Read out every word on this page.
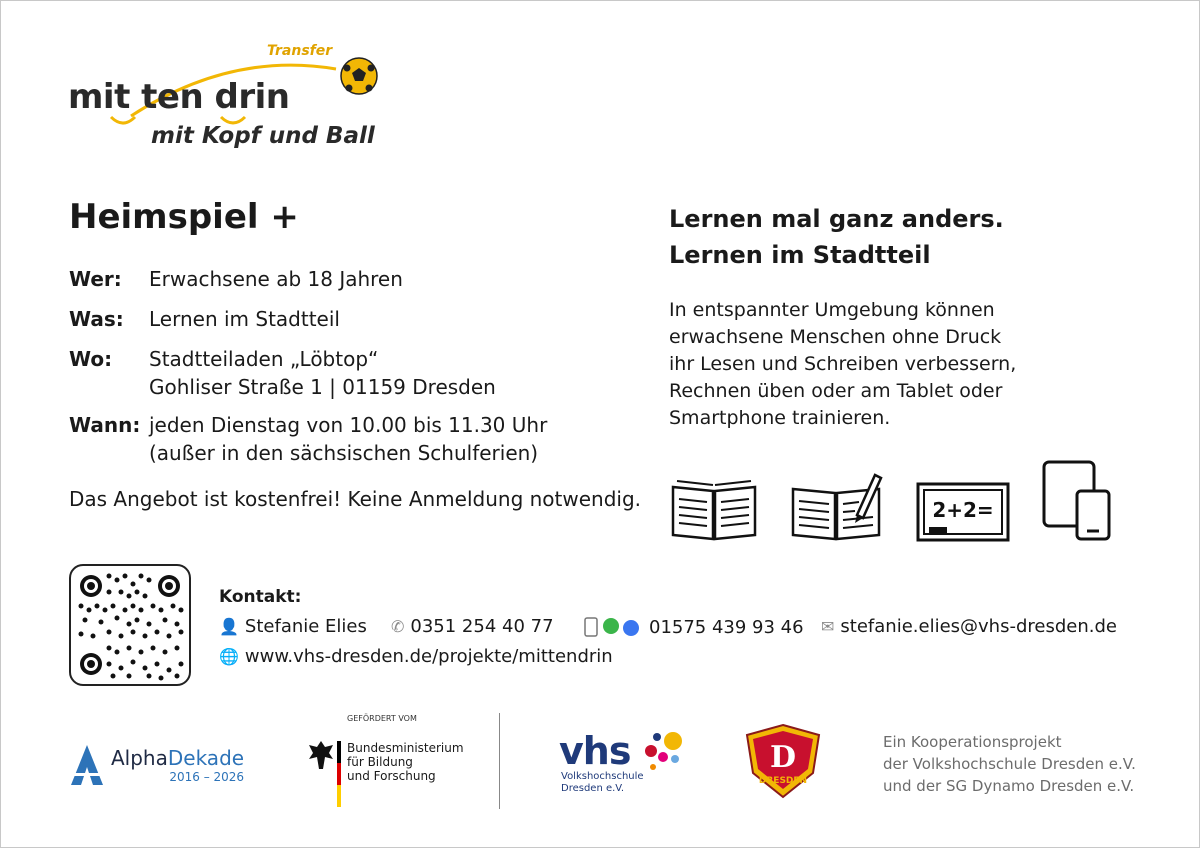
Transfer
mit ten drin
mit Kopf und Ball
Heimspiel +
Wer: Erwachsene ab 18 Jahren
Was: Lernen im Stadtteil
Wo: Stadtteiladen „Löbtop“
Gohliser Straße 1 | 01159 Dresden
Wann: jeden Dienstag von 10.00 bis 11.30 Uhr
(außer in den sächsischen Schulferien)
Das Angebot ist kostenfrei! Keine Anmeldung notwendig.
Lernen mal ganz anders.
Lernen im Stadtteil
In entspannter Umgebung können
erwachsene Menschen ohne Druck
ihr Lesen und Schreiben verbessern,
Rechnen üben oder am Tablet oder
Smartphone trainieren.
2+2=
Kontakt:
👤 Stefanie Elies ✆ 0351 254 40 77	01575 439 93 46 ✉ stefanie.elies@vhs-dresden.de
🌐 www.vhs-dresden.de/projekte/mittendrin
AlphaDekade
2016 – 2026
GEFÖRDERT VOM
Bundesministerium
für Bildung
und Forschung
vhs
Volkshochschule
Dresden e.V.
D
DRESDEN
Ein Kooperationsprojekt
der Volkshochschule Dresden e.V.
und der SG Dynamo Dresden e.V.
